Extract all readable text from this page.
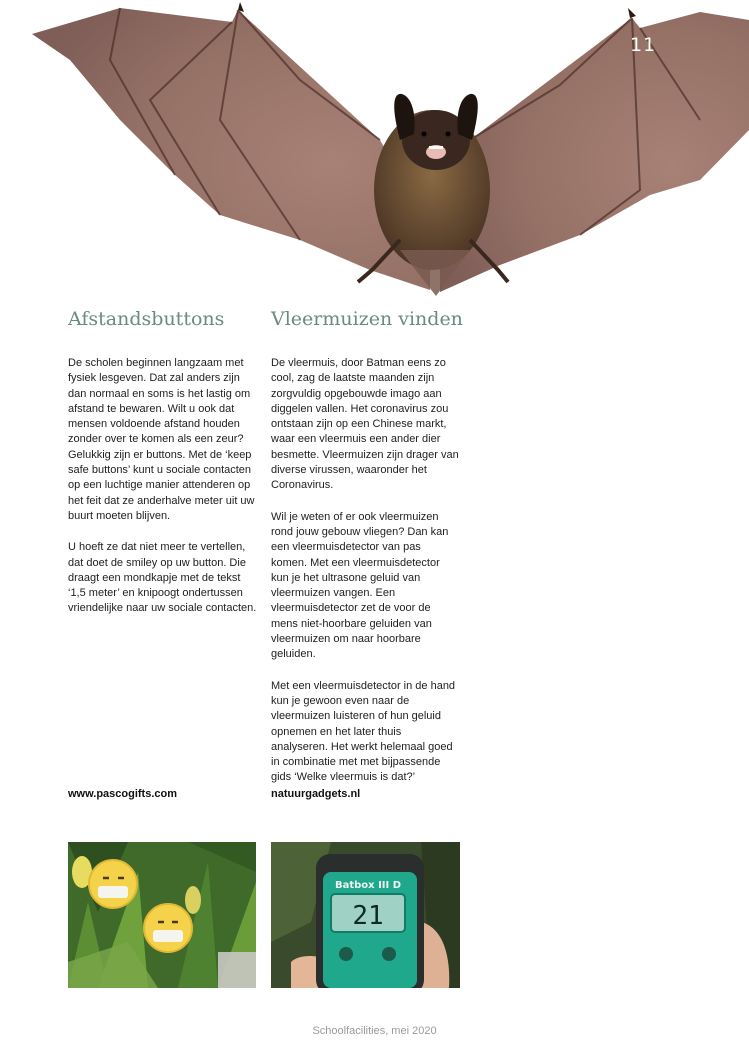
11
Afstandsbuttons

De scholen beginnen langzaam met fysiek lesgeven. Dat zal anders zijn dan normaal en soms is het lastig om afstand te bewaren. Wilt u ook dat mensen voldoende afstand houden zonder over te komen als een zeur? Gelukkig zijn er buttons. Met de ‘keep safe buttons’ kunt u sociale contacten op een luchtige manier attenderen op het feit dat ze anderhalve meter uit uw buurt moeten blijven.

U hoeft ze dat niet meer te vertellen, dat doet de smiley op uw button. Die draagt een mondkapje met de tekst ‘1,5 meter’ en knipoogt ondertussen vriendelijke naar uw sociale contacten.

Vleermuizen vinden

De vleermuis, door Batman eens zo cool, zag de laatste maanden zijn zorgvuldig opgebouwde imago aan diggelen vallen. Het coronavirus zou ontstaan zijn op een Chinese markt, waar een vleermuis een ander dier besmette. Vleermuizen zijn drager van diverse virussen, waaronder het Coronavirus.

Wil je weten of er ook vleermuizen rond jouw gebouw vliegen? Dan kan een vleermuisdetector van pas komen. Met een vleermuisdetector kun je het ultrasone geluid van vleermuizen vangen. Een vleermuisdetector zet de voor de mens niet-hoorbare geluiden van vleermuizen om naar hoorbare geluiden.

Met een vleermuisdetector in de hand kun je gewoon even naar de vleermuizen luisteren of hun geluid opnemen en het later thuis analyseren. Het werkt helemaal goed in combinatie met met bijpassende gids ‘Welke vleermuis is dat?’

www.pascogifts.com	natuurgadgets.nl
21
Batbox III D
Schoolfacilities, mei 2020
